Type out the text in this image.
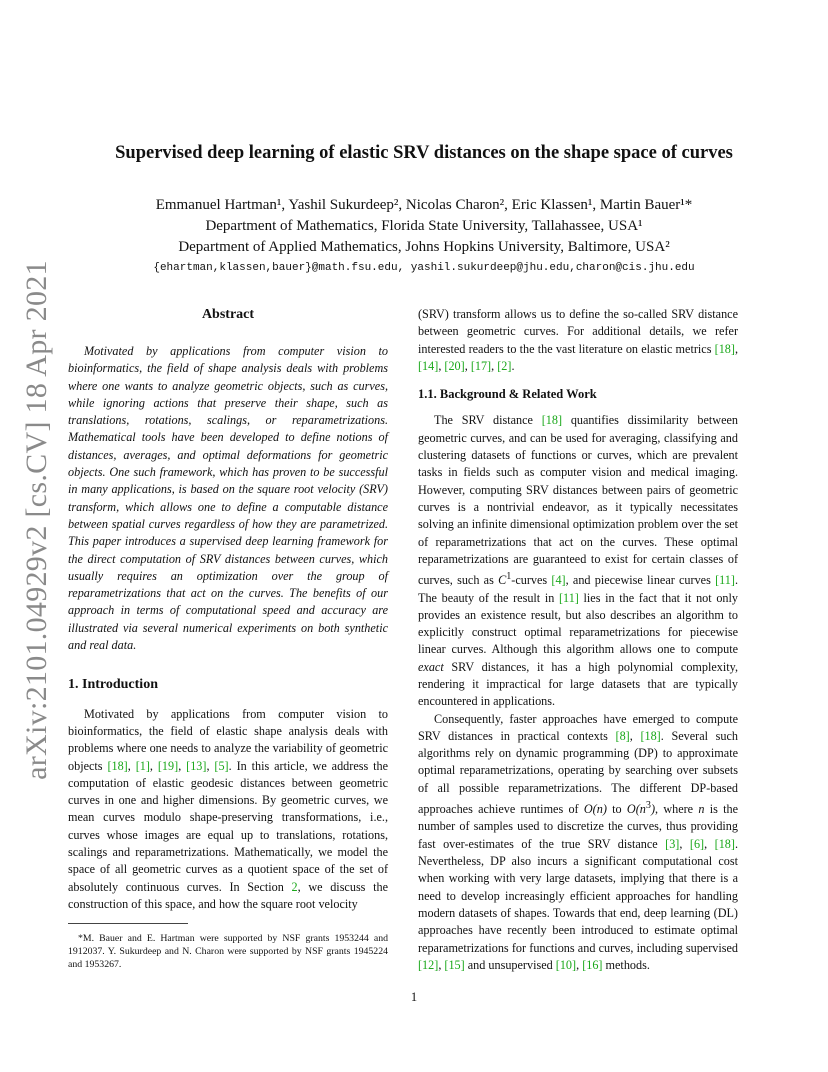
arXiv:2101.04929v2 [cs.CV] 18 Apr 2021
Supervised deep learning of elastic SRV distances on the shape space of curves
Emmanuel Hartman¹, Yashil Sukurdeep², Nicolas Charon², Eric Klassen¹, Martin Bauer¹*
Department of Mathematics, Florida State University, Tallahassee, USA¹
Department of Applied Mathematics, Johns Hopkins University, Baltimore, USA²
{ehartman,klassen,bauer}@math.fsu.edu, yashil.sukurdeep@jhu.edu,charon@cis.jhu.edu
Abstract

Motivated by applications from computer vision to bioinformatics, the field of shape analysis deals with problems where one wants to analyze geometric objects, such as curves, while ignoring actions that preserve their shape, such as translations, rotations, scalings, or reparametrizations. Mathematical tools have been developed to define notions of distances, averages, and optimal deformations for geometric objects. One such framework, which has proven to be successful in many applications, is based on the square root velocity (SRV) transform, which allows one to define a computable distance between spatial curves regardless of how they are parametrized. This paper introduces a supervised deep learning framework for the direct computation of SRV distances between curves, which usually requires an optimization over the group of reparametrizations that act on the curves. The benefits of our approach in terms of computational speed and accuracy are illustrated via several numerical experiments on both synthetic and real data.

1. Introduction

Motivated by applications from computer vision to bioinformatics, the field of elastic shape analysis deals with problems where one needs to analyze the variability of geometric objects [18], [1], [19], [13], [5]. In this article, we address the computation of elastic geodesic distances between geometric curves in one and higher dimensions. By geometric curves, we mean curves modulo shape-preserving transformations, i.e., curves whose images are equal up to translations, rotations, scalings and reparametrizations. Mathematically, we model the space of all geometric curves as a quotient space of the set of absolutely continuous curves. In Section 2, we discuss the construction of this space, and how the square root velocity

*M. Bauer and E. Hartman were supported by NSF grants 1953244 and 1912037. Y. Sukurdeep and N. Charon were supported by NSF grants 1945224 and 1953267.

(SRV) transform allows us to define the so-called SRV distance between geometric curves. For additional details, we refer interested readers to the the vast literature on elastic metrics [18], [14], [20], [17], [2].

1.1. Background & Related Work

The SRV distance [18] quantifies dissimilarity between geometric curves, and can be used for averaging, classifying and clustering datasets of functions or curves, which are prevalent tasks in fields such as computer vision and medical imaging. However, computing SRV distances between pairs of geometric curves is a nontrivial endeavor, as it typically necessitates solving an infinite dimensional optimization problem over the set of reparametrizations that act on the curves. These optimal reparametrizations are guaranteed to exist for certain classes of curves, such as $C^1$-curves [4], and piecewise linear curves [11]. The beauty of the result in [11] lies in the fact that it not only provides an existence result, but also describes an algorithm to explicitly construct optimal reparametrizations for piecewise linear curves. Although this algorithm allows one to compute exact SRV distances, it has a high polynomial complexity, rendering it impractical for large datasets that are typically encountered in applications.

Consequently, faster approaches have emerged to compute SRV distances in practical contexts [8], [18]. Several such algorithms rely on dynamic programming (DP) to approximate optimal reparametrizations, operating by searching over subsets of all possible reparametrizations. The different DP-based approaches achieve runtimes of O(n) to $O(n^3)$, where n is the number of samples used to discretize the curves, thus providing fast over-estimates of the true SRV distance [3], [6], [18]. Nevertheless, DP also incurs a significant computational cost when working with very large datasets, implying that there is a need to develop increasingly efficient approaches for handling modern datasets of shapes. Towards that end, deep learning (DL) approaches have recently been introduced to estimate optimal reparametrizations for functions and curves, including supervised [12], [15] and unsupervised [10], [16] methods.

1
